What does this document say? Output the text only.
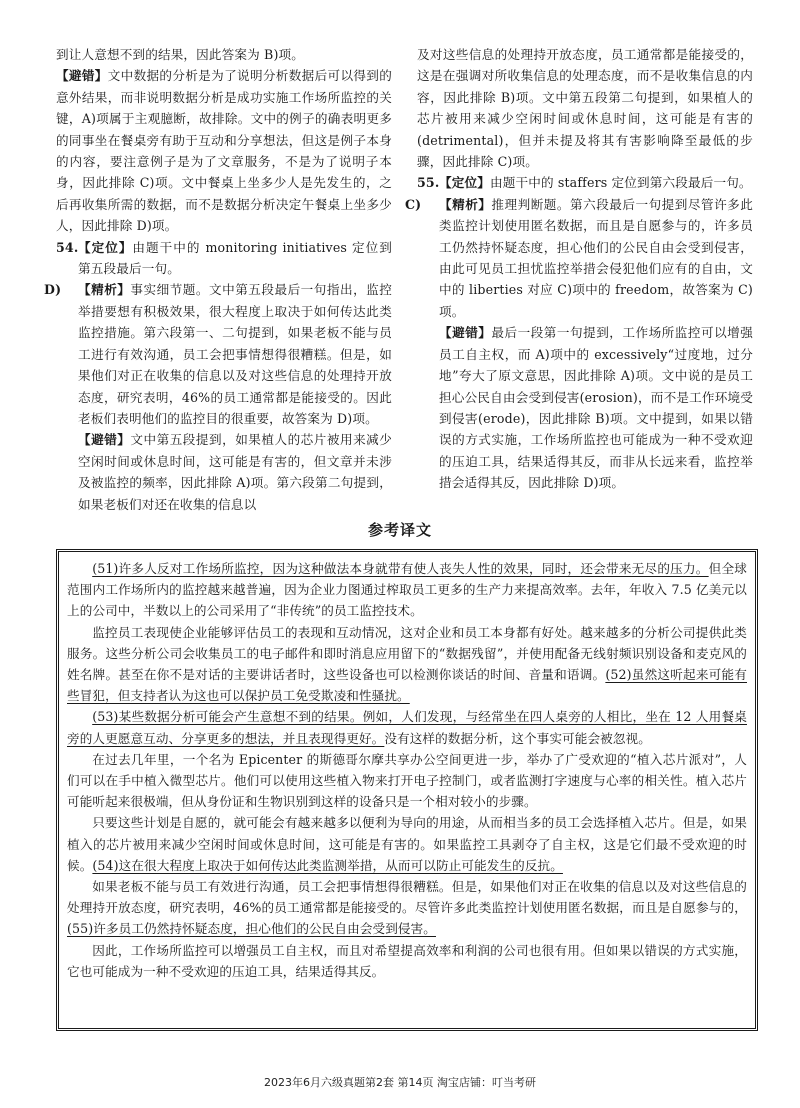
到让人意想不到的结果，因此答案为 B)项。

【避错】文中数据的分析是为了说明分析数据后可以得到的意外结果，而非说明数据分析是成功实施工作场所监控的关键，A)项属于主观臆断，故排除。文中的例子的确表明更多的同事坐在餐桌旁有助于互动和分享想法，但这是例子本身的内容，要注意例子是为了文章服务，不是为了说明子本身，因此排除 C)项。文中餐桌上坐多少人是先发生的，之后再收集所需的数据，而不是数据分析决定午餐桌上坐多少人，因此排除 D)项。

54. 【定位】由题干中的 monitoring initiatives 定位到第五段最后一句。

D) 【精析】事实细节题。文中第五段最后一句指出，监控举措要想有积极效果，很大程度上取决于如何传达此类监控措施。第六段第一、二句提到，如果老板不能与员工进行有效沟通，员工会把事情想得很糟糕。但是，如果他们对正在收集的信息以及对这些信息的处理持开放态度，研究表明，46%的员工通常都是能接受的。因此老板们表明他们的监控目的很重要，故答案为 D)项。

【避错】文中第五段提到，如果植人的芯片被用来减少空闲时间或休息时间，这可能是有害的，但文章并未涉及被监控的频率，因此排除 A)项。第六段第二句提到，如果老板们对还在收集的信息以

及对这些信息的处理持开放态度，员工通常都是能接受的，这是在强调对所收集信息的处理态度，而不是收集信息的内容，因此排除 B)项。文中第五段第二句提到，如果植人的芯片被用来减少空闲时间或休息时间，这可能是有害的(detrimental)，但并未提及将其有害影响降至最低的步骤，因此排除 C)项。

55. 【定位】由题干中的 staffers 定位到第六段最后一句。

C) 【精析】推理判断题。第六段最后一句提到尽管许多此类监控计划使用匿名数据，而且是自愿参与的，许多员工仍然持怀疑态度，担心他们的公民自由会受到侵害，由此可见员工担忧监控举措会侵犯他们应有的自由，文中的 liberties 对应 C)项中的 freedom，故答案为 C)项。

【避错】最后一段第一句提到，工作场所监控可以增强员工自主权，而 A)项中的 excessively“过度地，过分地”夸大了原文意思，因此排除 A)项。文中说的是员工担心公民自由会受到侵害(erosion)，而不是工作环境受到侵害(erode)，因此排除 B)项。文中提到，如果以错误的方式实施，工作场所监控也可能成为一种不受欢迎的压迫工具，结果适得其反，而非从长远来看，监控举措会适得其反，因此排除 D)项。

参考译文

(51)许多人反对工作场所监控，因为这种做法本身就带有使人丧失人性的效果，同时，还会带来无尽的压力。但全球范围内工作场所内的监控越来越普遍，因为企业力图通过榨取员工更多的生产力来提高效率。去年，年收入 7.5 亿美元以上的公司中，半数以上的公司采用了“非传统”的员工监控技术。

监控员工表现使企业能够评估员工的表现和互动情况，这对企业和员工本身都有好处。越来越多的分析公司提供此类服务。这些分析公司会收集员工的电子邮件和即时消息应用留下的“数据残留”，并使用配备无线射频识别设备和麦克风的姓名牌。甚至在你不是对话的主要讲话者时，这些设备也可以检测你谈话的时间、音量和语调。(52)虽然这听起来可能有些冒犯，但支持者认为这也可以保护员工免受欺凌和性骚扰。

(53)某些数据分析可能会产生意想不到的结果。例如，人们发现，与经常坐在四人桌旁的人相比，坐在 12 人用餐桌旁的人更愿意互动、分享更多的想法，并且表现得更好。没有这样的数据分析，这个事实可能会被忽视。

在过去几年里，一个名为 Epicenter 的斯德哥尔摩共享办公空间更进一步，举办了广受欢迎的“植入芯片派对”，人们可以在手中植入微型芯片。他们可以使用这些植入物来打开电子控制门，或者监测打字速度与心率的相关性。植入芯片可能听起来很极端，但从身份证和生物识别到这样的设备只是一个相对较小的步骤。

只要这些计划是自愿的，就可能会有越来越多以便利为导向的用途，从而相当多的员工会选择植入芯片。但是，如果植入的芯片被用来减少空闲时间或休息时间，这可能是有害的。如果监控工具剥夺了自主权，这是它们最不受欢迎的时候。(54)这在很大程度上取决于如何传达此类监测举措，从而可以防止可能发生的反抗。

如果老板不能与员工有效进行沟通，员工会把事情想得很糟糕。但是，如果他们对正在收集的信息以及对这些信息的处理持开放态度，研究表明，46%的员工通常都是能接受的。尽管许多此类监控计划使用匿名数据，而且是自愿参与的，(55)许多员工仍然持怀疑态度，担心他们的公民自由会受到侵害。

因此，工作场所监控可以增强员工自主权，而且对希望提高效率和利润的公司也很有用。但如果以错误的方式实施，它也可能成为一种不受欢迎的压迫工具，结果适得其反。

2023年6月六级真题第2套 第14页 淘宝店铺：叮当考研
